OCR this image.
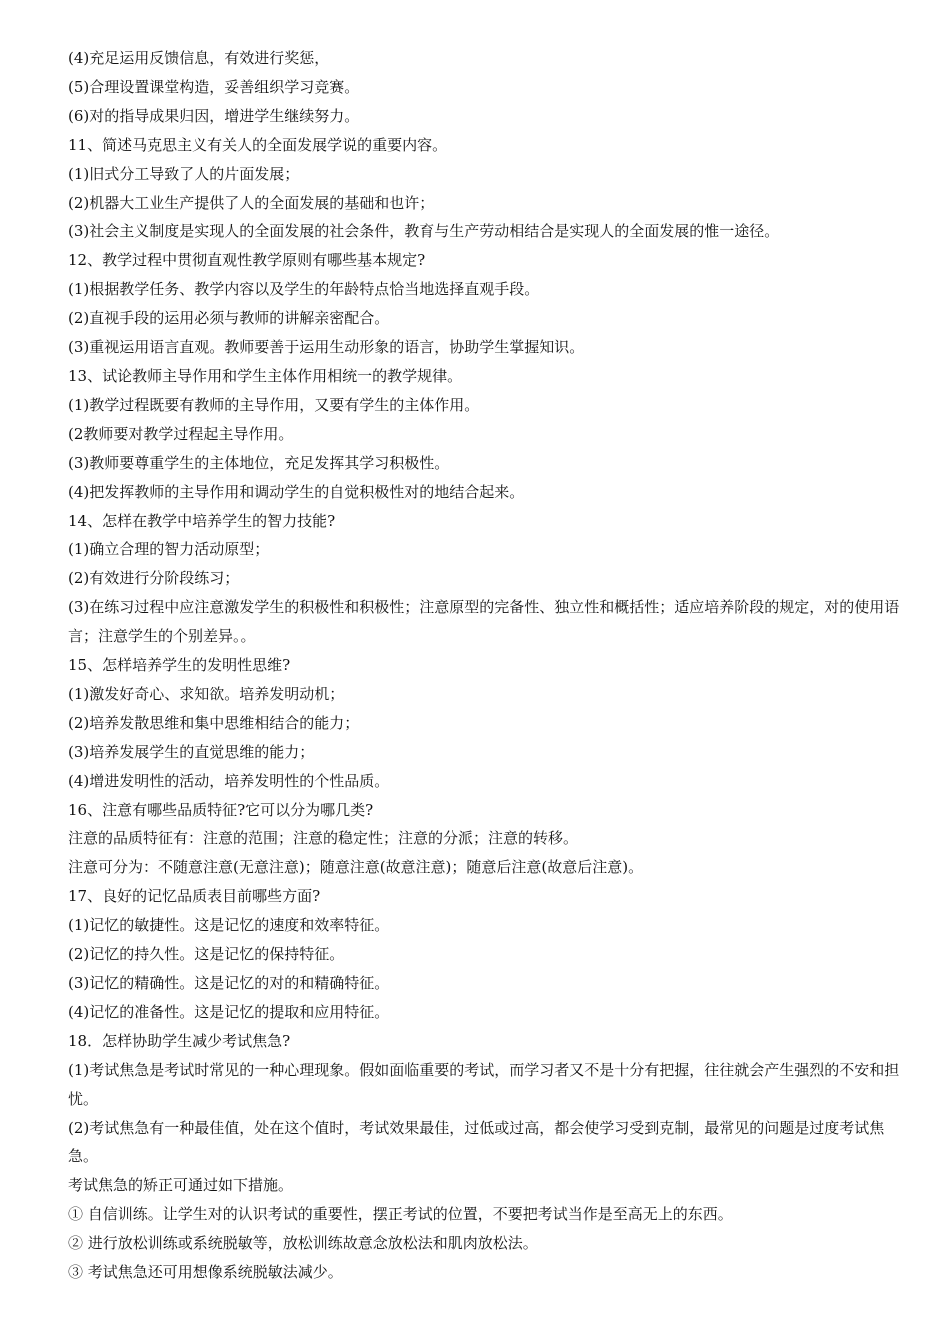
(4)充足运用反馈信息，有效进行奖惩，

(5)合理设置课堂构造，妥善组织学习竞赛。

(6)对的指导成果归因，增进学生继续努力。

11、简述马克思主义有关人的全面发展学说的重要内容。

(1)旧式分工导致了人的片面发展；

(2)机器大工业生产提供了人的全面发展的基础和也许；

(3)社会主义制度是实现人的全面发展的社会条件，教育与生产劳动相结合是实现人的全面发展的惟一途径。

12、教学过程中贯彻直观性教学原则有哪些基本规定?

(1)根据教学任务、教学内容以及学生的年龄特点恰当地选择直观手段。

(2)直视手段的运用必须与教师的讲解亲密配合。

(3)重视运用语言直观。教师要善于运用生动形象的语言，协助学生掌握知识。

13、试论教师主导作用和学生主体作用相统一的教学规律。

(1)教学过程既要有教师的主导作用，又要有学生的主体作用。

(2教师要对教学过程起主导作用。

(3)教师要尊重学生的主体地位，充足发挥其学习积极性。

(4)把发挥教师的主导作用和调动学生的自觉积极性对的地结合起来。

14、怎样在教学中培养学生的智力技能?

(1)确立合理的智力活动原型；

(2)有效进行分阶段练习；

(3)在练习过程中应注意激发学生的积极性和积极性；注意原型的完备性、独立性和概括性；适应培养阶段的规定，对的使用语言；注意学生的个别差异。。

15、怎样培养学生的发明性思维?

(1)激发好奇心、求知欲。培养发明动机；

(2)培养发散思维和集中思维相结合的能力；

(3)培养发展学生的直觉思维的能力；

(4)增进发明性的活动，培养发明性的个性品质。

16、注意有哪些品质特征?它可以分为哪几类?

注意的品质特征有：注意的范围；注意的稳定性；注意的分派；注意的转移。

注意可分为：不随意注意(无意注意)；随意注意(故意注意)；随意后注意(故意后注意)。

17、良好的记忆品质表目前哪些方面?

(1)记忆的敏捷性。这是记忆的速度和效率特征。

(2)记忆的持久性。这是记忆的保持特征。

(3)记忆的精确性。这是记忆的对的和精确特征。

(4)记忆的准备性。这是记忆的提取和应用特征。

18．怎样协助学生减少考试焦急?

(1)考试焦急是考试时常见的一种心理现象。假如面临重要的考试，而学习者又不是十分有把握，往往就会产生强烈的不安和担忧。

(2)考试焦急有一种最佳值，处在这个值时，考试效果最佳，过低或过高，都会使学习受到克制，最常见的问题是过度考试焦急。

考试焦急的矫正可通过如下措施。

① 自信训练。让学生对的认识考试的重要性，摆正考试的位置，不要把考试当作是至高无上的东西。

② 进行放松训练或系统脱敏等，放松训练故意念放松法和肌肉放松法。

③ 考试焦急还可用想像系统脱敏法减少。
